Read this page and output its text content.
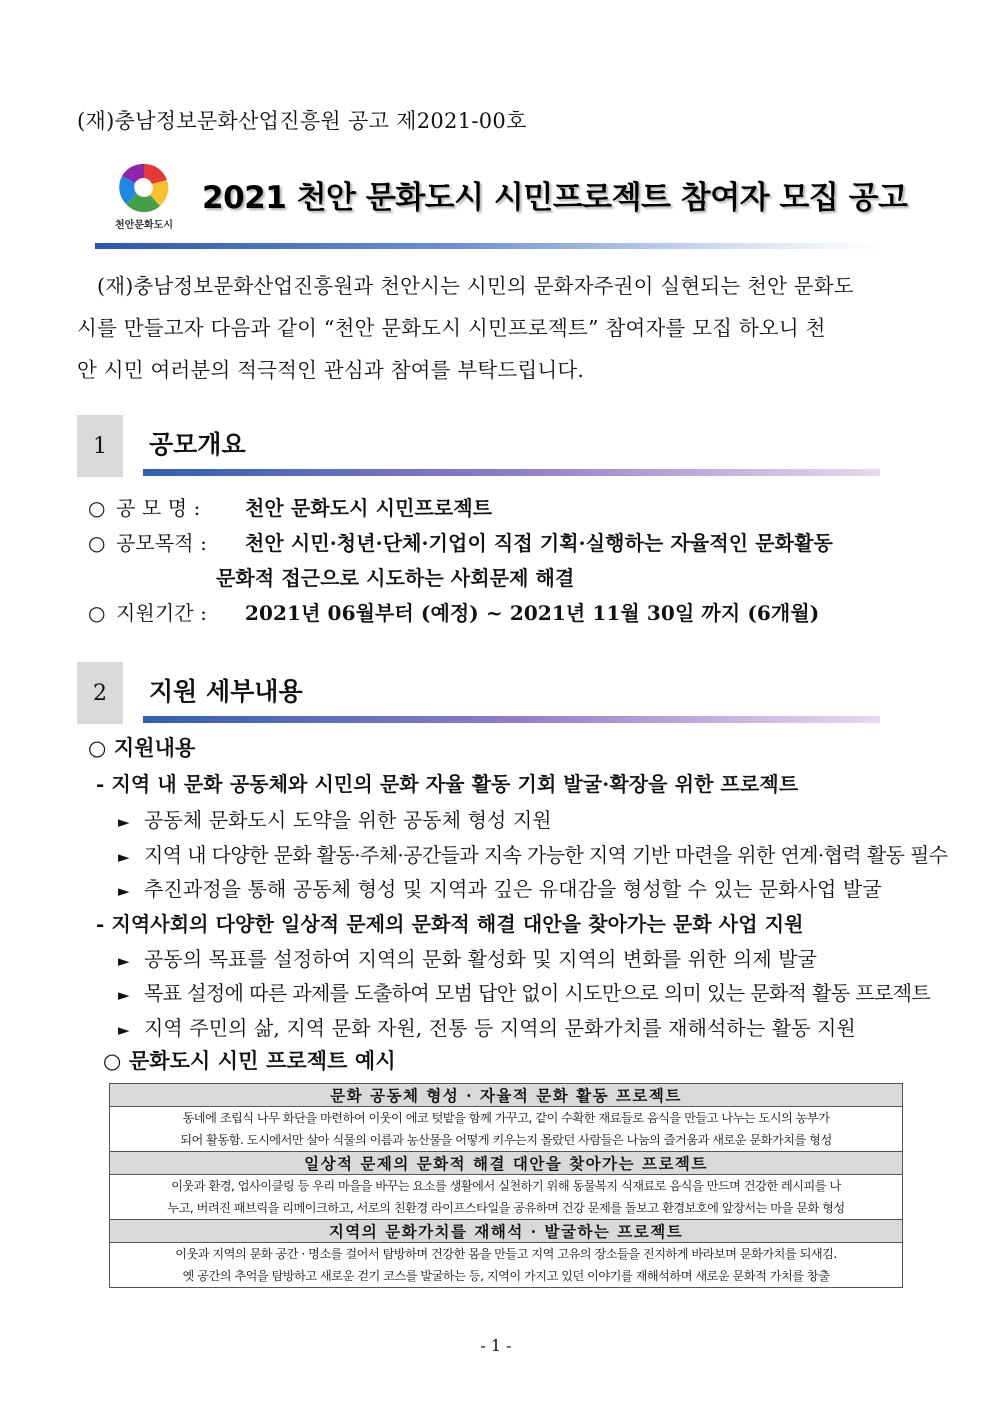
(재)충남정보문화산업진흥원 공고 제2021-00호
천안문화도시
2021 천안 문화도시 시민프로젝트 참여자 모집 공고
(재)충남정보문화산업진흥원과 천안시는 시민의 문화자주권이 실현되는 천안 문화도
시를 만들고자 다음과 같이 “천안 문화도시 시민프로젝트” 참여자를 모집 하오니 천
안 시민 여러분의 적극적인 관심과 참여를 부탁드립니다.
1	공모개요
○ 공 모 명 : 천안 문화도시 시민프로젝트
○ 공모목적 : 천안 시민·청년·단체·기업이 직접 기획·실행하는 자율적인 문화활동
문화적 접근으로 시도하는 사회문제 해결
○ 지원기간 : 2021년 06월부터 (예정) ~ 2021년 11월 30일 까지 (6개월)
2	지원 세부내용
○ 지원내용
- 지역 내 문화 공동체와 시민의 문화 자율 활동 기회 발굴·확장을 위한 프로젝트
► 공동체 문화도시 도약을 위한 공동체 형성 지원
► 지역 내 다양한 문화 활동·주체·공간들과 지속 가능한 지역 기반 마련을 위한 연계·협력 활동 필수
► 추진과정을 통해 공동체 형성 및 지역과 깊은 유대감을 형성할 수 있는 문화사업 발굴
- 지역사회의 다양한 일상적 문제의 문화적 해결 대안을 찾아가는 문화 사업 지원
► 공동의 목표를 설정하여 지역의 문화 활성화 및 지역의 변화를 위한 의제 발굴
► 목표 설정에 따른 과제를 도출하여 모범 답안 없이 시도만으로 의미 있는 문화적 활동 프로젝트
► 지역 주민의 삶, 지역 문화 자원, 전통 등 지역의 문화가치를 재해석하는 활동 지원
○ 문화도시 시민 프로젝트 예시
문화 공동체 형성 · 자율적 문화 활동 프로젝트

동네에 조립식 나무 화단을 마련하여 이웃이 에코 텃밭을 함께 가꾸고, 같이 수확한 재료들로 음식을 만들고 나누는 도시의 농부가
되어 활동함. 도시에서만 살아 식물의 이름과 농산물을 어떻게 키우는지 몰랐던 사람들은 나눔의 즐거움과 새로운 문화가치를 형성

일상적 문제의 문화적 해결 대안을 찾아가는 프로젝트

이웃과 환경, 업사이클링 등 우리 마을을 바꾸는 요소를 생활에서 실천하기 위해 동물복지 식재료로 음식을 만드며 건강한 레시피를 나
누고, 버려진 패브릭을 리메이크하고, 서로의 친환경 라이프스타일을 공유하며 건강 문제를 돌보고 환경보호에 앞장서는 마을 문화 형성

지역의 문화가치를 재해석 · 발굴하는 프로젝트

이웃과 지역의 문화 공간 · 명소를 걸어서 탐방하며 건강한 몸을 만들고 지역 고유의 장소들을 진지하게 바라보며 문화가치를 되새김.
옛 공간의 추억을 탐방하고 새로운 걷기 코스를 발굴하는 등, 지역이 가지고 있던 이야기를 재해석하며 새로운 문화적 가치를 창출
- 1 -
